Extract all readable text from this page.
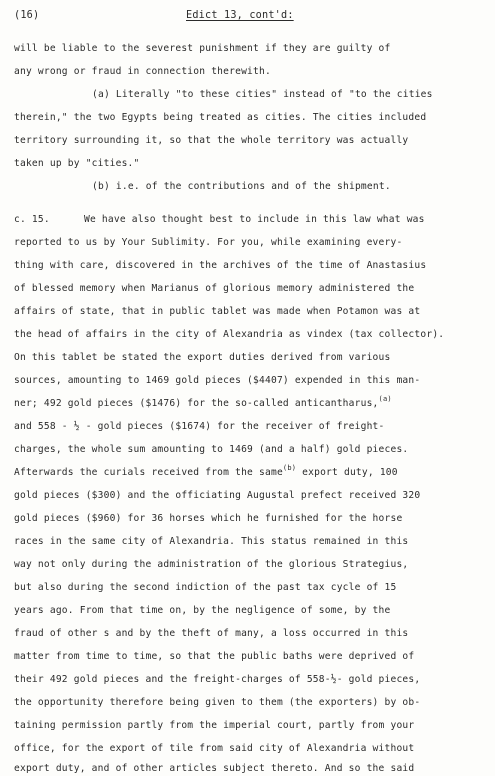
(16)	Edict 13, cont'd:
will be liable to the severest punishment if they are guilty of
any wrong or fraud in connection therewith.
(a) Literally "to these cities" instead of "to the cities
therein," the two Egypts being treated as cities. The cities included
territory surrounding it, so that the whole territory was actually
taken up by "cities."
(b) i.e. of the contributions and of the shipment.
c. 15.	We have also thought best to include in this law what was
reported to us by Your Sublimity. For you, while examining every-
thing with care, discovered in the archives of the time of Anastasius
of blessed memory when Marianus of glorious memory administered the
affairs of state, that in public tablet was made when Potamon was at
the head of affairs in the city of Alexandria as vindex (tax collector).
On this tablet be stated the export duties derived from various
sources, amounting to 1469 gold pieces ($4407) expended in this man-
ner; 492 gold pieces ($1476) for the so-called anticantharus,$^{(a)}$
and 558 - ½ - gold pieces ($1674) for the receiver of freight-
charges, the whole sum amounting to 1469 (and a half) gold pieces.
Afterwards the curials received from the same$^{(b)}$ export duty, 100
gold pieces ($300) and the officiating Augustal prefect received 320
gold pieces ($960) for 36 horses which he furnished for the horse
races in the same city of Alexandria. This status remained in this
way not only during the administration of the glorious Strategius,
but also during the second indiction of the past tax cycle of 15
years ago. From that time on, by the negligence of some, by the
fraud of other s and by the theft of many, a loss occurred in this
matter from time to time, so that the public baths were deprived of
their 492 gold pieces and the freight-charges of 558-½- gold pieces,
the opportunity therefore being given to them (the exporters) by ob-
taining permission partly from the imperial court, partly from your
office, for the export of tile from said city of Alexandria without
export duty, and of other articles subject thereto. And so the said
